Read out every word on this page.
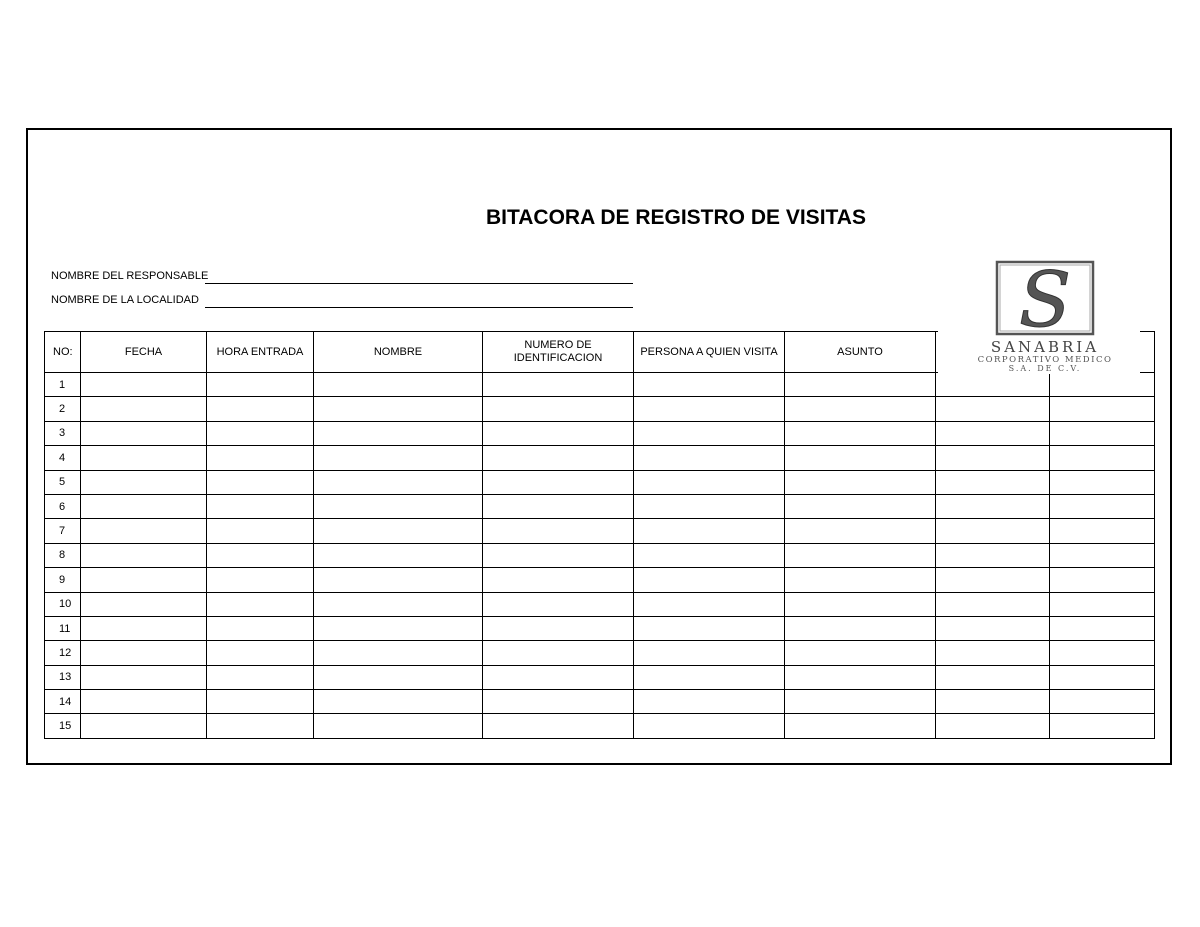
BITACORA DE REGISTRO DE VISITAS
NOMBRE DEL RESPONSABLE
NOMBRE DE LA LOCALIDAD
NO:	FECHA	HORA ENTRADA	NOMBRE	NUMERO DE IDENTIFICACION	PERSONA A QUIEN VISITA	ASUNTO		
1								
2								
3								
4								
5								
6								
7								
8								
9								
10								
11								
12								
13								
14								
15								
S
SANABRIA
CORPORATIVO MEDICO
S.A. DE C.V.
